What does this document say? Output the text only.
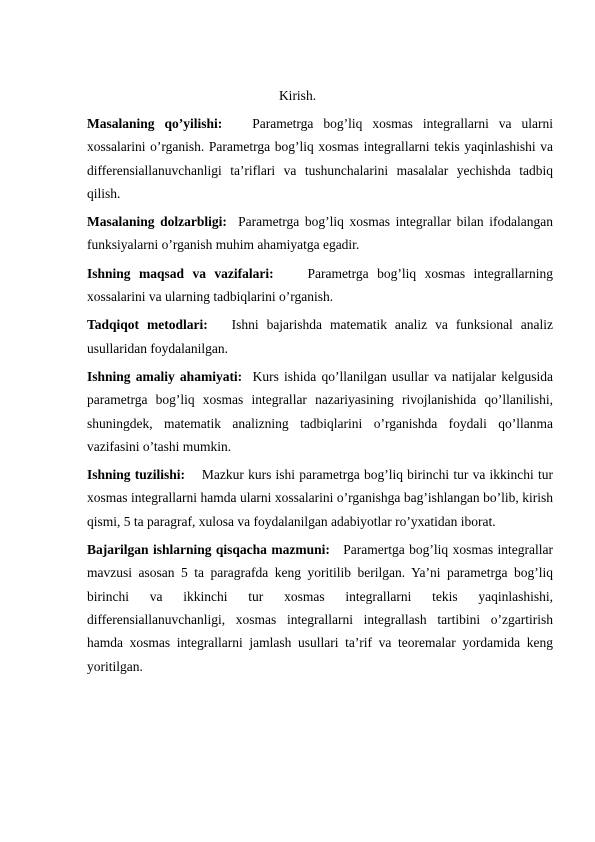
Kirish.

Masalaning qo’yilishi: Parametrga bog’liq xosmas integrallarni va ularni xossalarini o’rganish. Parametrga bog’liq xosmas integrallarni tekis yaqinlashishi va differensiallanuvchanligi ta’riflari va tushunchalarini masalalar yechishda tadbiq qilish.

Masalaning dolzarbligi: Parametrga bog’liq xosmas integrallar bilan ifodalangan funksiyalarni o’rganish muhim ahamiyatga egadir.

Ishning maqsad va vazifalari:	Parametrga bog’liq xosmas integrallarning xossalarini va ularning tadbiqlarini o’rganish.

Tadqiqot metodlari: Ishni bajarishda matematik analiz va funksional analiz usullaridan foydalanilgan.

Ishning amaliy ahamiyati: Kurs ishida qo’llanilgan usullar va natijalar kelgusida parametrga bog’liq xosmas integrallar nazariyasining rivojlanishida qo’llanilishi, shuningdek, matematik analizning tadbiqlarini o’rganishda foydali qo’llanma vazifasini o’tashi mumkin.

Ishning tuzilishi: Mazkur kurs ishi parametrga bog’liq birinchi tur va ikkinchi tur xosmas integrallarni hamda ularni xossalarini o’rganishga bag’ishlangan bo’lib, kirish qismi, 5 ta paragraf, xulosa va foydalanilgan adabiyotlar ro’yxatidan iborat.

Bajarilgan ishlarning qisqacha mazmuni: Paramertga bog’liq xosmas integrallar mavzusi asosan 5 ta paragrafda keng yoritilib berilgan. Ya’ni parametrga bog’liq birinchi va ikkinchi tur xosmas integrallarni tekis yaqinlashishi, differensiallanuvchanligi, xosmas integrallarni integrallash tartibini o’zgartirish hamda xosmas integrallarni jamlash usullari ta’rif va teoremalar yordamida keng yoritilgan.
